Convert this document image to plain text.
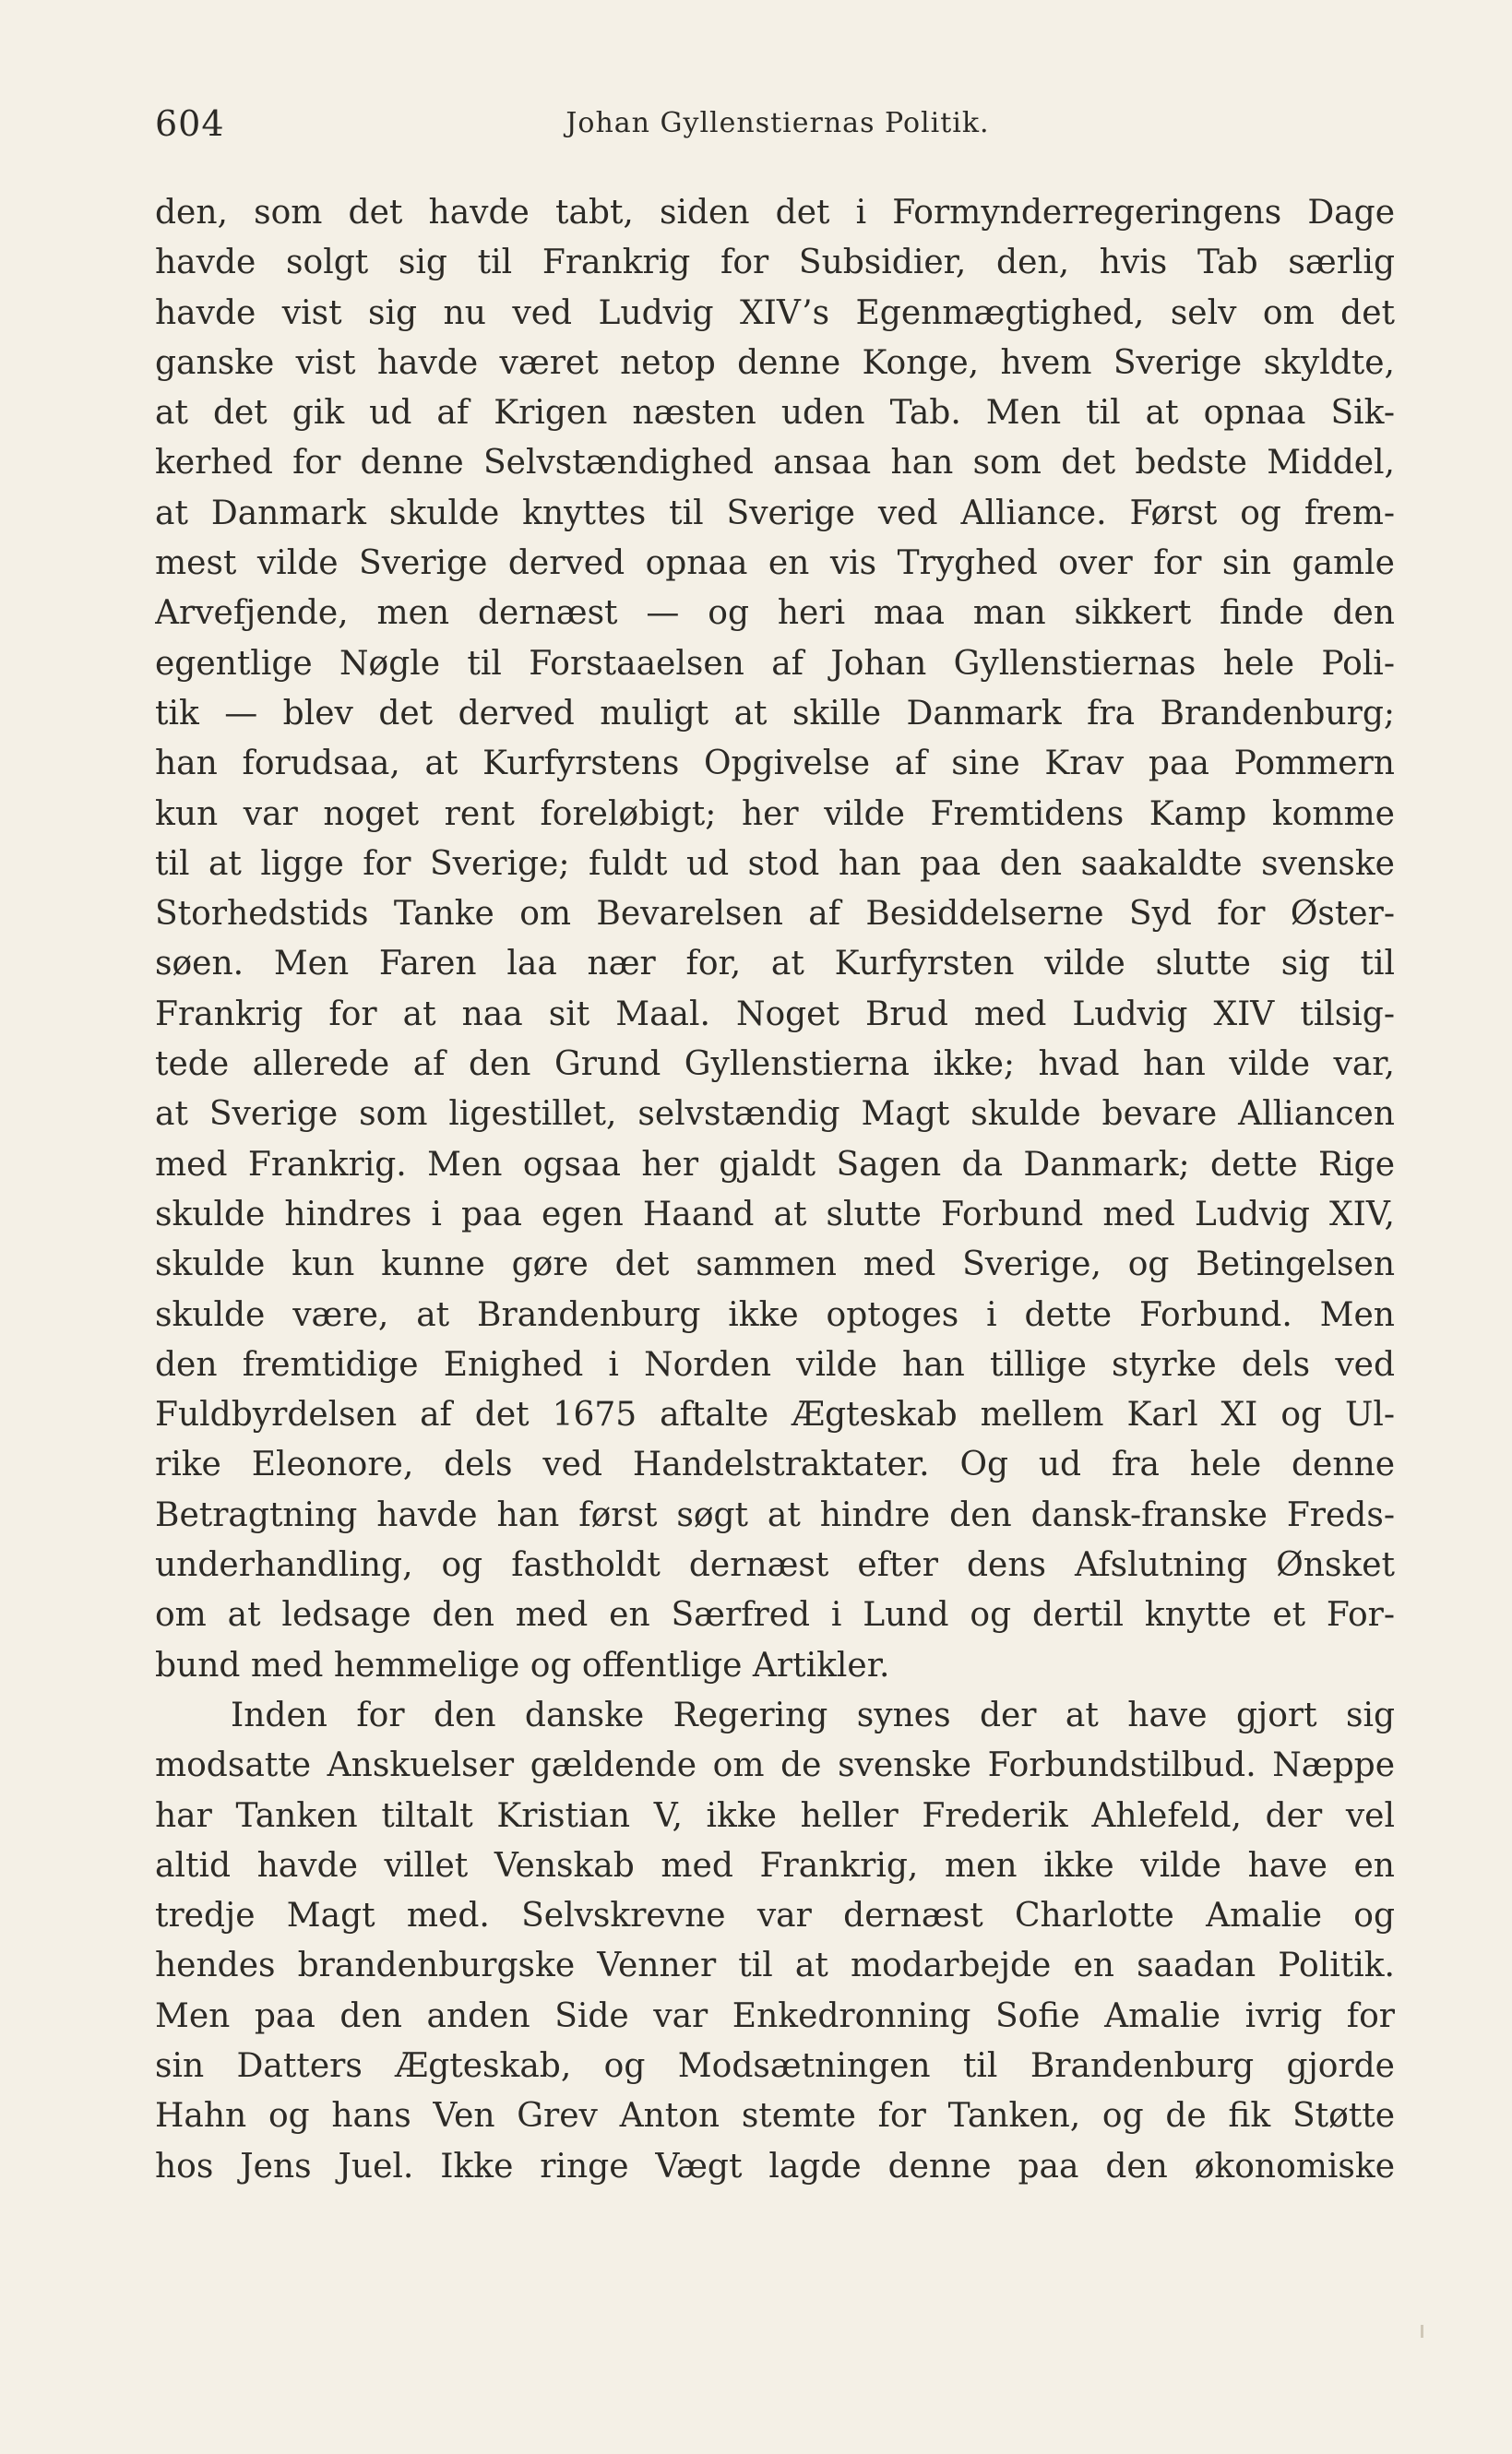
604	Johan Gyllenstiernas Politik.
den, som det havde tabt, siden det i Formynderregeringens Dage
havde solgt sig til Frankrig for Subsidier, den, hvis Tab særlig
havde vist sig nu ved Ludvig XIV’s Egenmægtighed, selv om det
ganske vist havde været netop denne Konge, hvem Sverige skyldte,
at det gik ud af Krigen næsten uden Tab. Men til at opnaa Sik-
kerhed for denne Selvstændighed ansaa han som det bedste Middel,
at Danmark skulde knyttes til Sverige ved Alliance. Først og frem-
mest vilde Sverige derved opnaa en vis Tryghed over for sin gamle
Arvefjende, men dernæst — og heri maa man sikkert finde den
egentlige Nøgle til Forstaaelsen af Johan Gyllenstiernas hele Poli-
tik — blev det derved muligt at skille Danmark fra Brandenburg;
han forudsaa, at Kurfyrstens Opgivelse af sine Krav paa Pommern
kun var noget rent foreløbigt; her vilde Fremtidens Kamp komme
til at ligge for Sverige; fuldt ud stod han paa den saakaldte svenske
Storhedstids Tanke om Bevarelsen af Besiddelserne Syd for Øster-
søen. Men Faren laa nær for, at Kurfyrsten vilde slutte sig til
Frankrig for at naa sit Maal. Noget Brud med Ludvig XIV tilsig-
tede allerede af den Grund Gyllenstierna ikke; hvad han vilde var,
at Sverige som ligestillet, selvstændig Magt skulde bevare Alliancen
med Frankrig. Men ogsaa her gjaldt Sagen da Danmark; dette Rige
skulde hindres i paa egen Haand at slutte Forbund med Ludvig XIV,
skulde kun kunne gøre det sammen med Sverige, og Betingelsen
skulde være, at Brandenburg ikke optoges i dette Forbund. Men
den fremtidige Enighed i Norden vilde han tillige styrke dels ved
Fuldbyrdelsen af det 1675 aftalte Ægteskab mellem Karl XI og Ul-
rike Eleonore, dels ved Handelstraktater. Og ud fra hele denne
Betragtning havde han først søgt at hindre den dansk-franske Freds-
underhandling, og fastholdt dernæst efter dens Afslutning Ønsket
om at ledsage den med en Særfred i Lund og dertil knytte et For-
bund med hemmelige og offentlige Artikler.
Inden for den danske Regering synes der at have gjort sig
modsatte Anskuelser gældende om de svenske Forbundstilbud. Næppe
har Tanken tiltalt Kristian V, ikke heller Frederik Ahlefeld, der vel
altid havde villet Venskab med Frankrig, men ikke vilde have en
tredje Magt med. Selvskrevne var dernæst Charlotte Amalie og
hendes brandenburgske Venner til at modarbejde en saadan Politik.
Men paa den anden Side var Enkedronning Sofie Amalie ivrig for
sin Datters Ægteskab, og Modsætningen til Brandenburg gjorde
Hahn og hans Ven Grev Anton stemte for Tanken, og de fik Støtte
hos Jens Juel. Ikke ringe Vægt lagde denne paa den økonomiske
